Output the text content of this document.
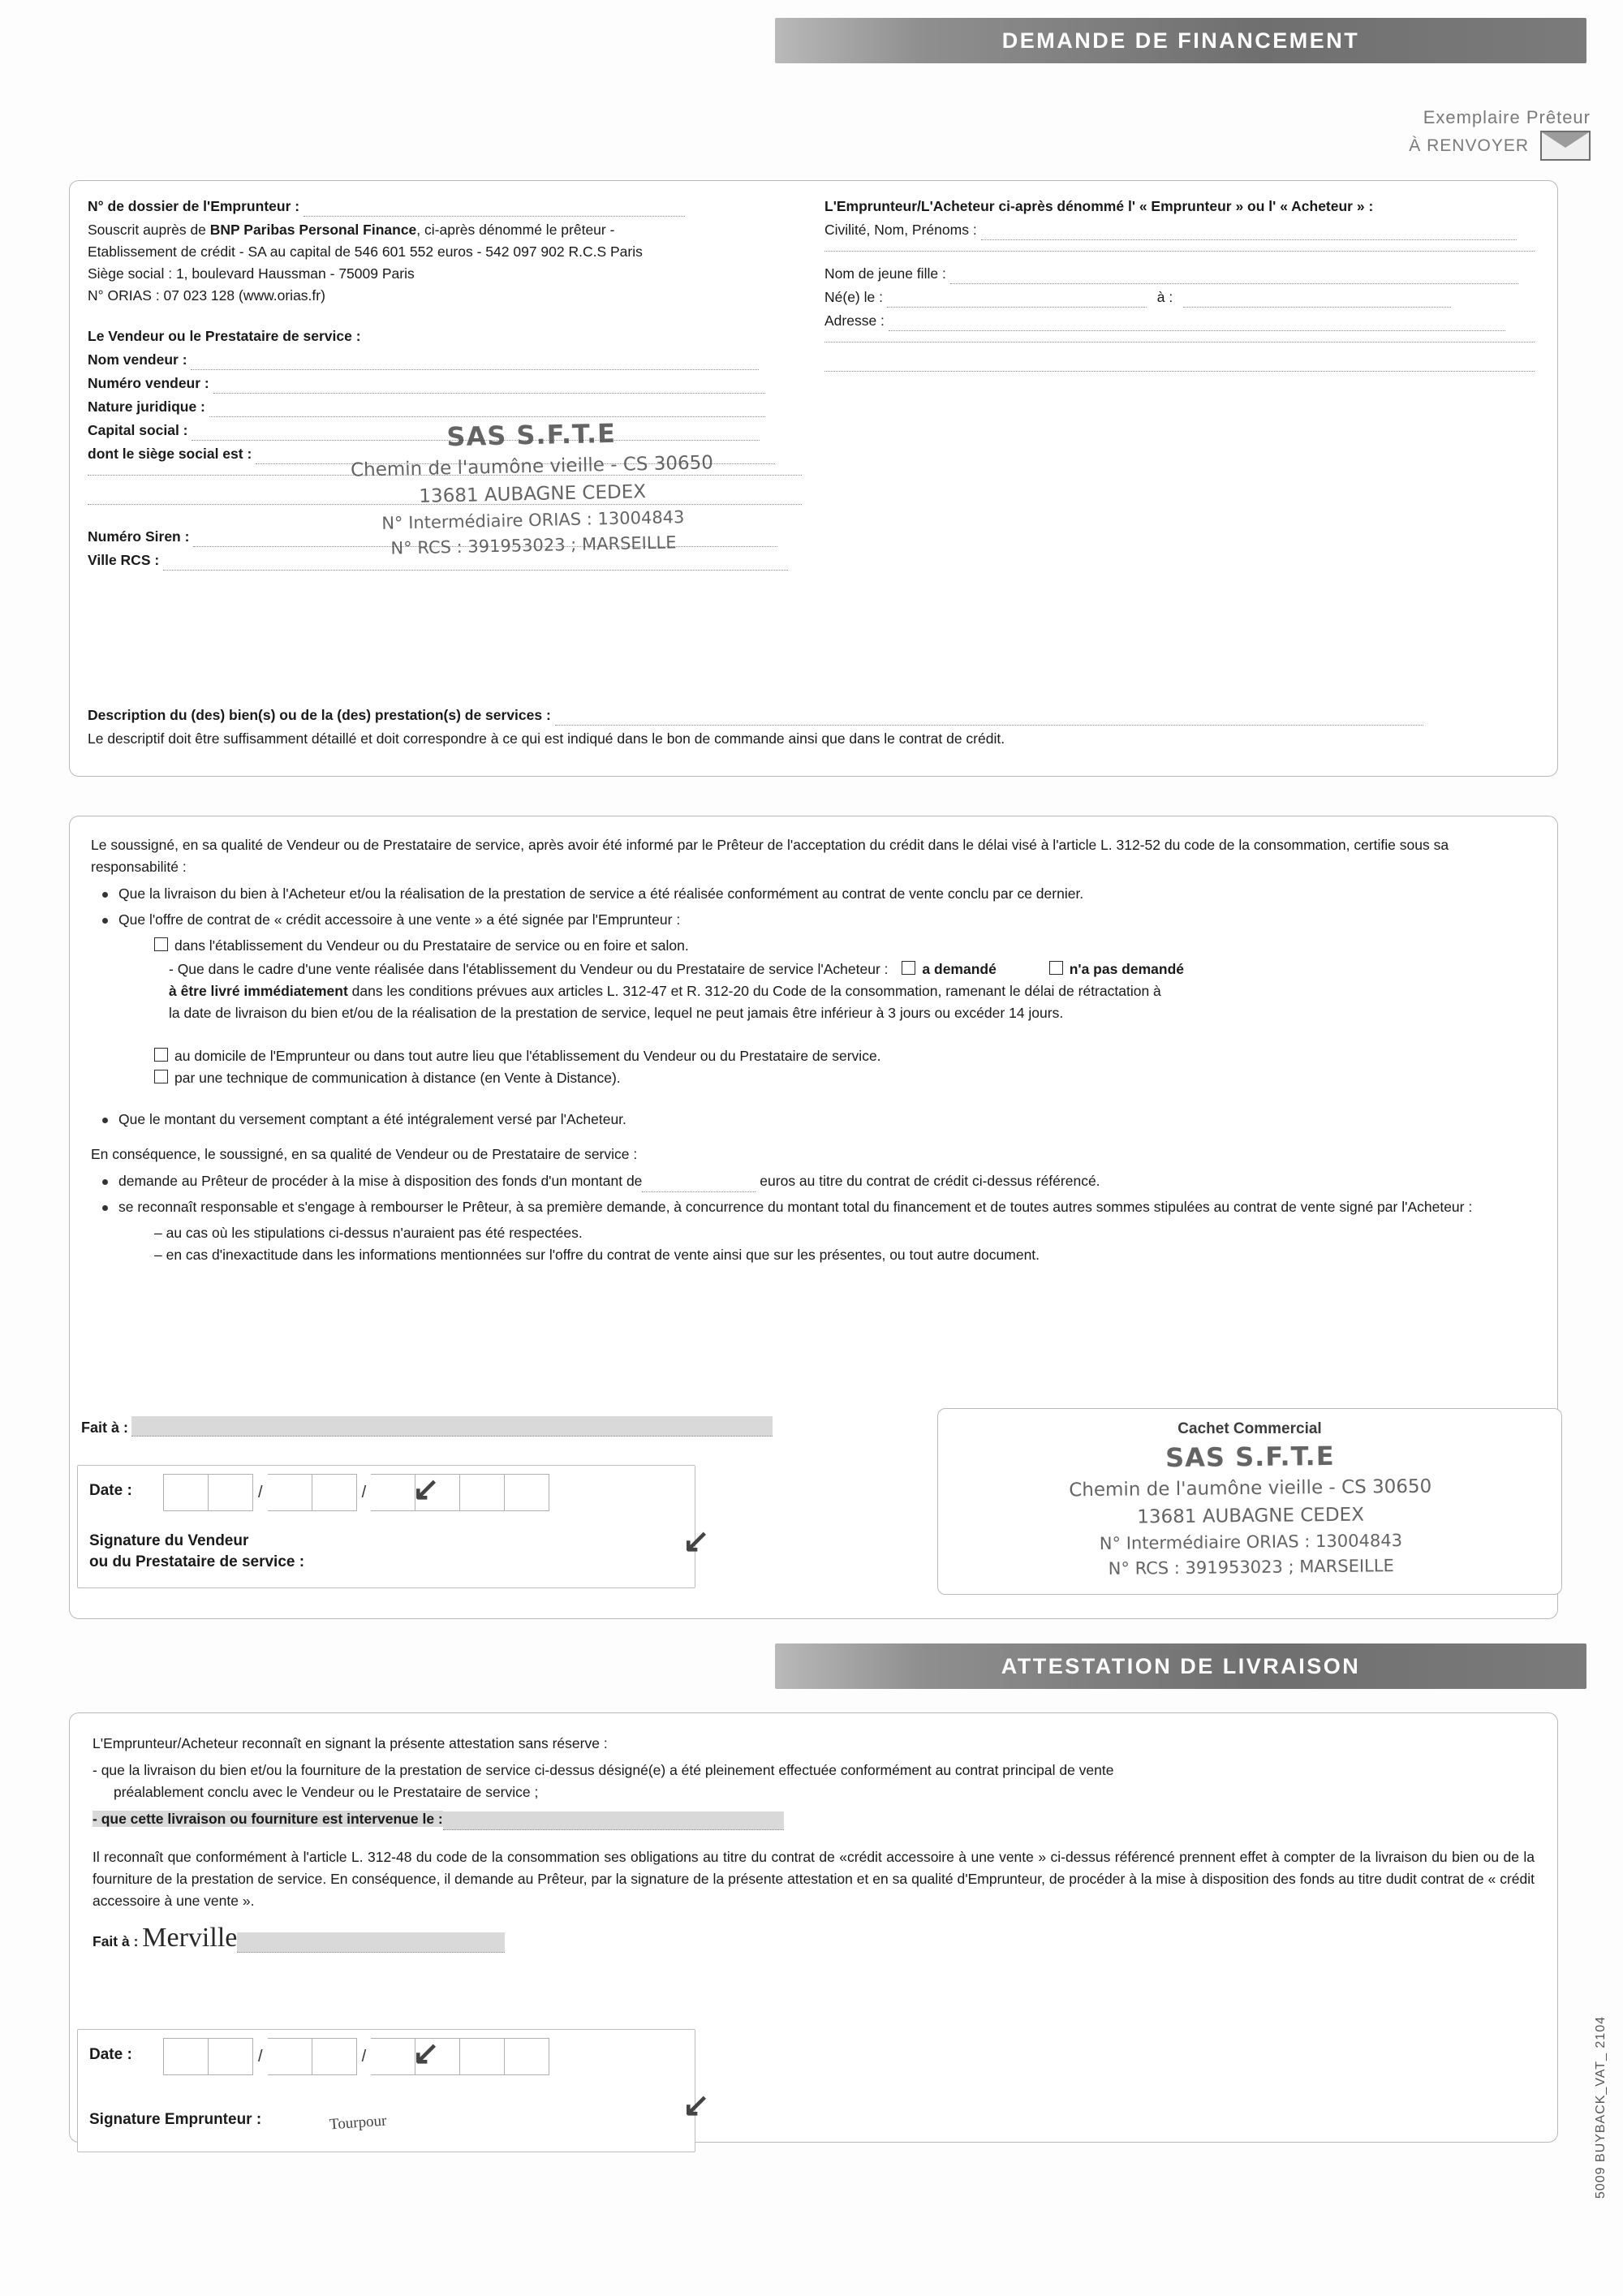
DEMANDE DE FINANCEMENT
Exemplaire Prêteur
À RENVOYER
N° de dossier de l'Emprunteur :
Souscrit auprès de BNP Paribas Personal Finance, ci-après dénommé le prêteur -
Etablissement de crédit - SA au capital de 546 601 552 euros - 542 097 902 R.C.S Paris
Siège social : 1, boulevard Haussman - 75009 Paris
N° ORIAS : 07 023 128 (www.orias.fr)
Le Vendeur ou le Prestataire de service :
Nom vendeur :
Numéro vendeur :
Nature juridique :
Capital social :
dont le siège social est :
Numéro Siren :
Ville RCS :
SAS S.F.T.E
Chemin de l'aumône vieille - CS 30650
13681 AUBAGNE CEDEX
N° Intermédiaire ORIAS : 13004843
N° RCS : 391953023 ; MARSEILLE
L'Emprunteur/L'Acheteur ci-après dénommé l' « Emprunteur » ou l' « Acheteur » :
Civilité, Nom, Prénoms :
Nom de jeune fille :
Né(e) le :	à :
Adresse :
Description du (des) bien(s) ou de la (des) prestation(s) de services :
Le descriptif doit être suffisamment détaillé et doit correspondre à ce qui est indiqué dans le bon de commande ainsi que dans le contrat de crédit.

Le soussigné, en sa qualité de Vendeur ou de Prestataire de service, après avoir été informé par le Prêteur de l'acceptation du crédit dans le délai visé à l'article L. 312-52 du code de la consommation, certifie sous sa responsabilité :

Que la livraison du bien à l'Acheteur et/ou la réalisation de la prestation de service a été réalisée conformément au contrat de vente conclu par ce dernier.
Que l'offre de contrat de « crédit accessoire à une vente » a été signée par l'Emprunteur :
dans l'établissement du Vendeur ou du Prestataire de service ou en foire et salon.
- Que dans le cadre d'une vente réalisée dans l'établissement du Vendeur ou du Prestataire de service l'Acheteur : a demandé	n'a pas demandé
à être livré immédiatement dans les conditions prévues aux articles L. 312-47 et R. 312-20 du Code de la consommation, ramenant le délai de rétractation à
la date de livraison du bien et/ou de la réalisation de la prestation de service, lequel ne peut jamais être inférieur à 3 jours ou excéder 14 jours.
au domicile de l'Emprunteur ou dans tout autre lieu que l'établissement du Vendeur ou du Prestataire de service.
par une technique de communication à distance (en Vente à Distance).
Que le montant du versement comptant a été intégralement versé par l'Acheteur.

En conséquence, le soussigné, en sa qualité de Vendeur ou de Prestataire de service :

demande au Prêteur de procéder à la mise à disposition des fonds d'un montant de	euros au titre du contrat de crédit ci-dessus référencé.
se reconnaît responsable et s'engage à rembourser le Prêteur, à sa première demande, à concurrence du montant total du financement et de toutes autres sommes stipulées au contrat de vente signé par l'Acheteur :
– au cas où les stipulations ci-dessus n'auraient pas été respectées.
– en cas d'inexactitude dans les informations mentionnées sur l'offre du contrat de vente ainsi que sur les présentes, ou tout autre document.
Fait à :
Date :	/	/ ↙
Signature du Vendeur
ou du Prestataire de service :
↙
Cachet Commercial
SAS S.F.T.E
Chemin de l'aumône vieille - CS 30650
13681 AUBAGNE CEDEX
N° Intermédiaire ORIAS : 13004843
N° RCS : 391953023 ; MARSEILLE
ATTESTATION DE LIVRAISON

L'Emprunteur/Acheteur reconnaît en signant la présente attestation sans réserve :

- que la livraison du bien et/ou la fourniture de la prestation de service ci-dessus désigné(e) a été pleinement effectuée conformément au contrat principal de vente

préalablement conclu avec le Vendeur ou le Prestataire de service ;

- que cette livraison ou fourniture est intervenue le :

Il reconnaît que conformément à l'article L. 312-48 du code de la consommation ses obligations au titre du contrat de «crédit accessoire à une vente » ci-dessus référencé prennent effet à compter de la livraison du bien ou de la fourniture de la prestation de service. En conséquence, il demande au Prêteur, par la signature de la présente attestation et en sa qualité d'Emprunteur, de procéder à la mise à disposition des fonds au titre dudit contrat de « crédit accessoire à une vente ».

Fait à : Merville

Date :	/	/ ↙
Signature Emprunteur :	Tourpour	↙	5009 BUYBACK_VAT_ 2104
